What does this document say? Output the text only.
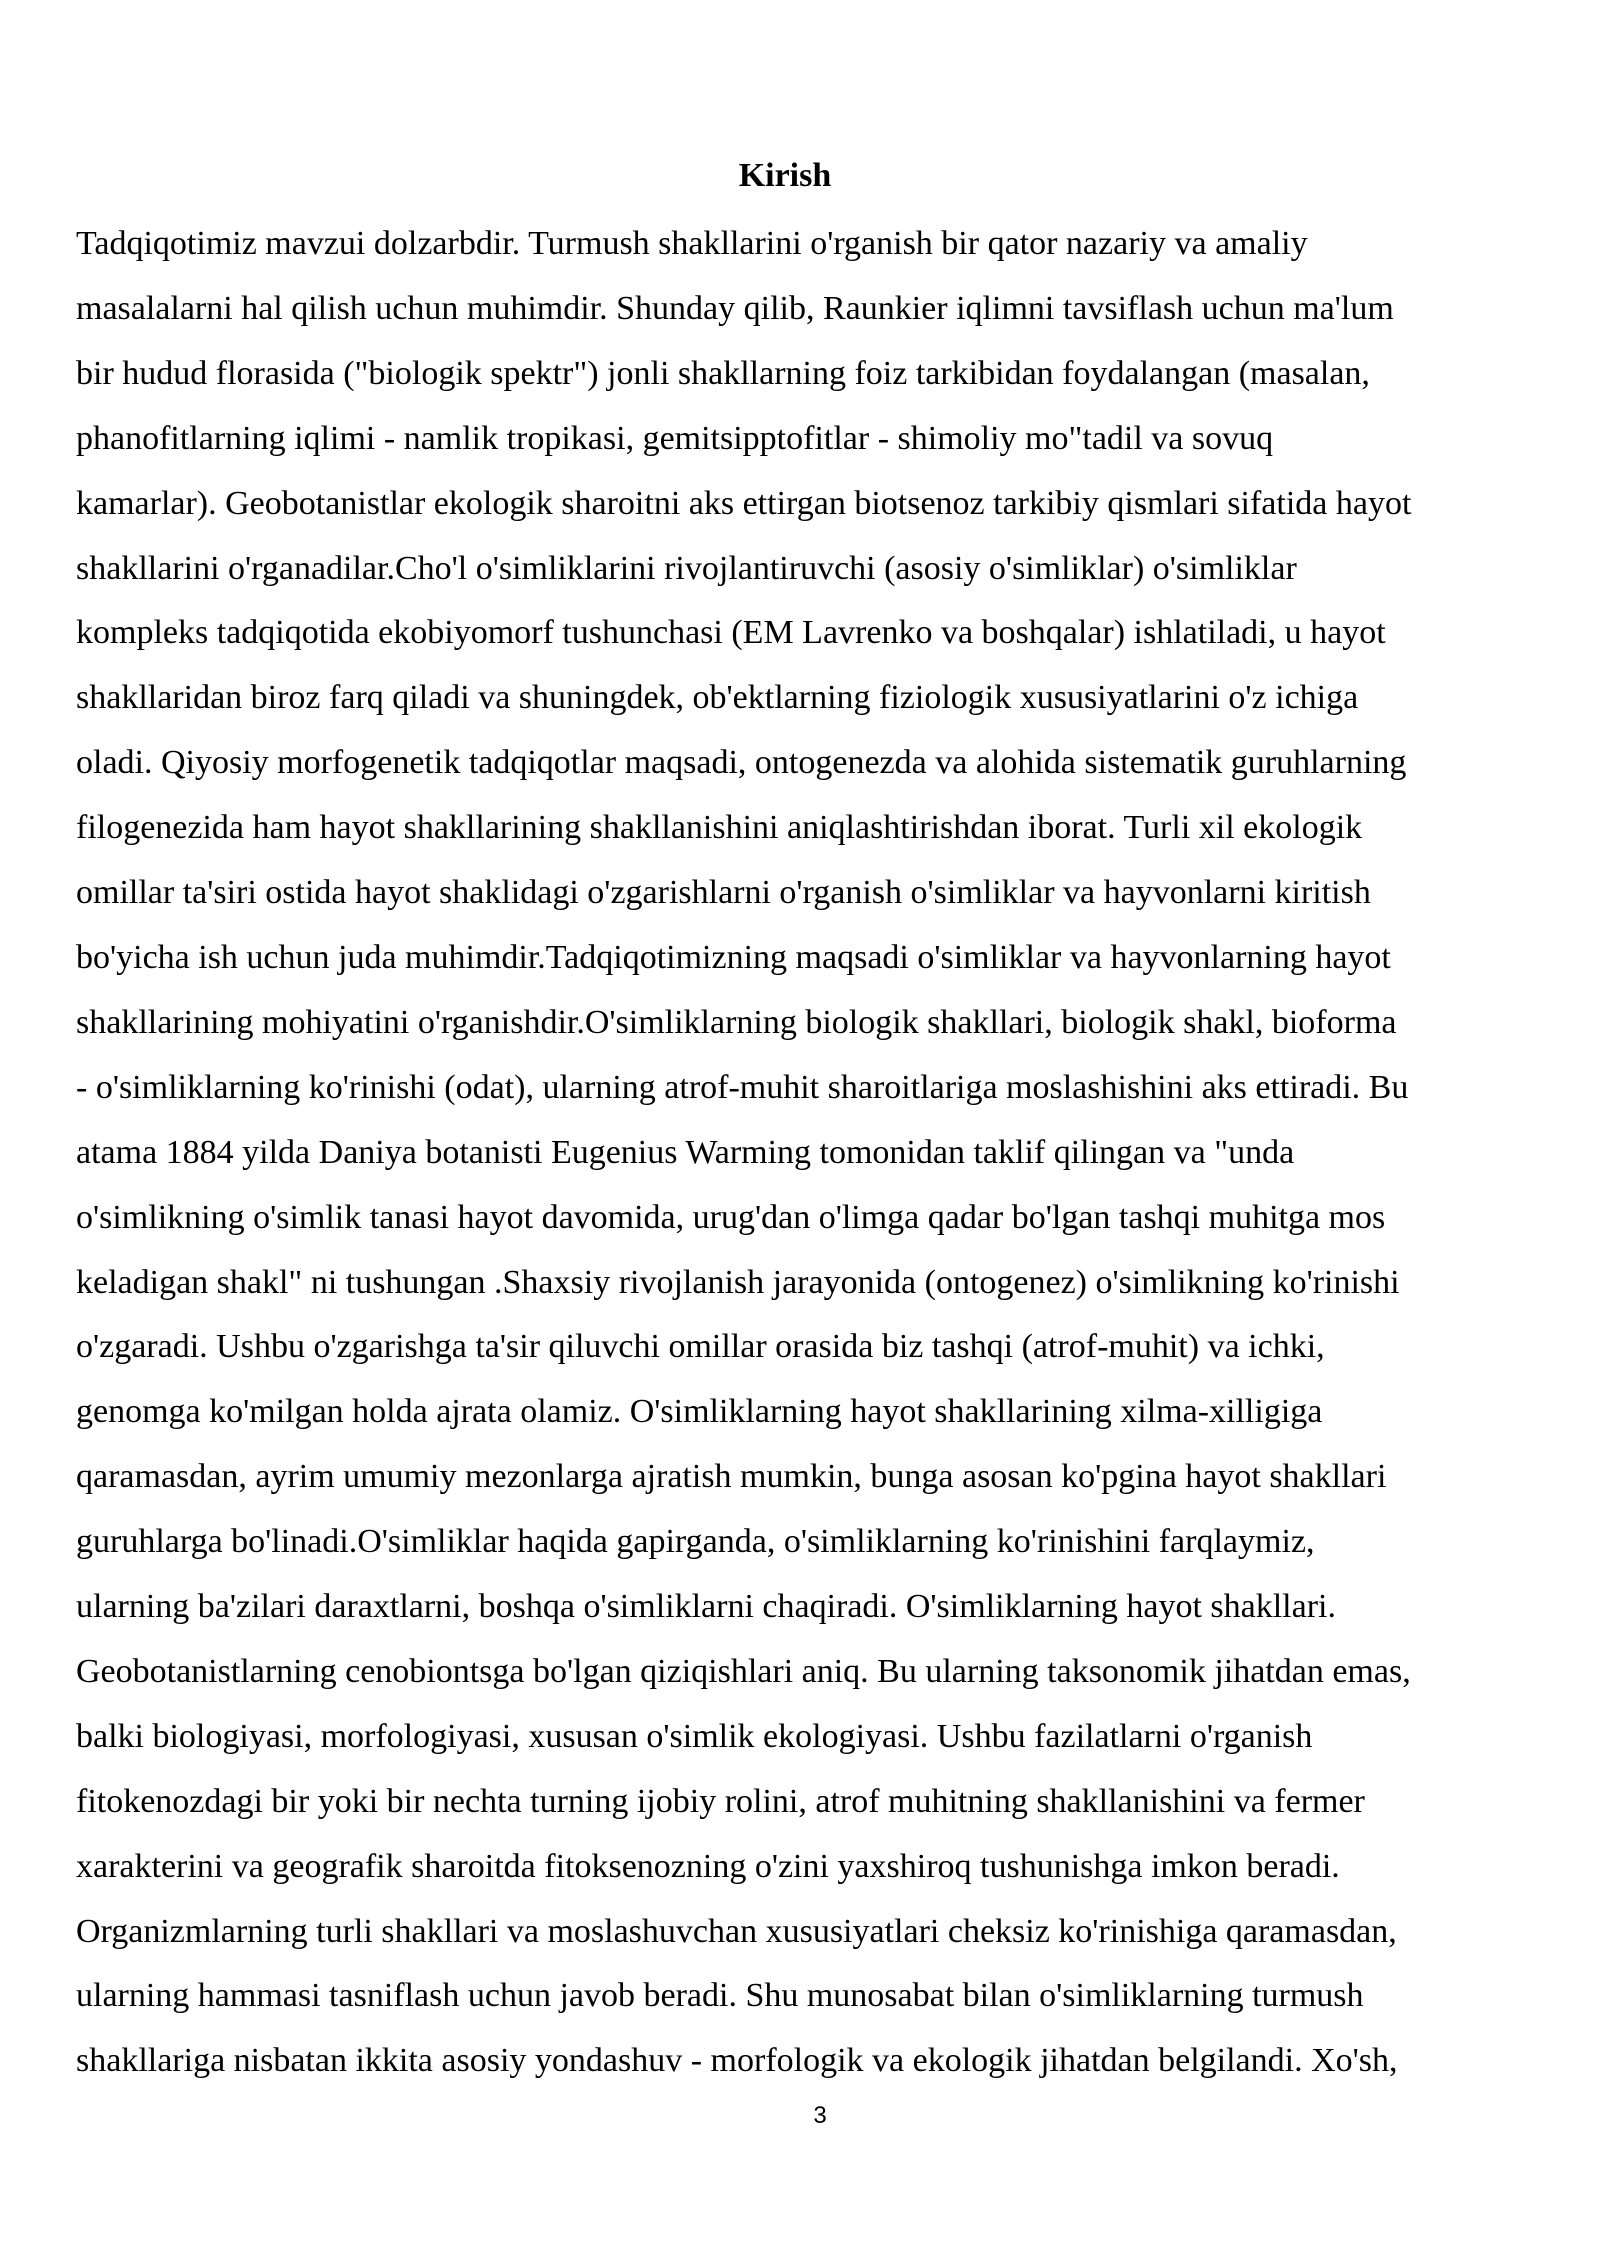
Kirish
Tadqiqotimiz mavzui dolzarbdir. Turmush shakllarini o'rganish bir qator nazariy va amaliy
masalalarni hal qilish uchun muhimdir. Shunday qilib, Raunkier iqlimni tavsiflash uchun ma'lum
bir hudud florasida ("biologik spektr") jonli shakllarning foiz tarkibidan foydalangan (masalan,
phanofitlarning iqlimi - namlik tropikasi, gemitsipptofitlar - shimoliy mo"tadil va sovuq
kamarlar). Geobotanistlar ekologik sharoitni aks ettirgan biotsenoz tarkibiy qismlari sifatida hayot
shakllarini o'rganadilar.Cho'l o'simliklarini rivojlantiruvchi (asosiy o'simliklar) o'simliklar
kompleks tadqiqotida ekobiyomorf tushunchasi (EM Lavrenko va boshqalar) ishlatiladi, u hayot
shakllaridan biroz farq qiladi va shuningdek, ob'ektlarning fiziologik xususiyatlarini o'z ichiga
oladi. Qiyosiy morfogenetik tadqiqotlar maqsadi, ontogenezda va alohida sistematik guruhlarning
filogenezida ham hayot shakllarining shakllanishini aniqlashtirishdan iborat. Turli xil ekologik
omillar ta'siri ostida hayot shaklidagi o'zgarishlarni o'rganish o'simliklar va hayvonlarni kiritish
bo'yicha ish uchun juda muhimdir.Tadqiqotimizning maqsadi o'simliklar va hayvonlarning hayot
shakllarining mohiyatini o'rganishdir.O'simliklarning biologik shakllari, biologik shakl, bioforma
- o'simliklarning ko'rinishi (odat), ularning atrof-muhit sharoitlariga moslashishini aks ettiradi. Bu
atama 1884 yilda Daniya botanisti Eugenius Warming tomonidan taklif qilingan va "unda
o'simlikning o'simlik tanasi hayot davomida, urug'dan o'limga qadar bo'lgan tashqi muhitga mos
keladigan shakl" ni tushungan .Shaxsiy rivojlanish jarayonida (ontogenez) o'simlikning ko'rinishi
o'zgaradi. Ushbu o'zgarishga ta'sir qiluvchi omillar orasida biz tashqi (atrof-muhit) va ichki,
genomga ko'milgan holda ajrata olamiz. O'simliklarning hayot shakllarining xilma-xilligiga
qaramasdan, ayrim umumiy mezonlarga ajratish mumkin, bunga asosan ko'pgina hayot shakllari
guruhlarga bo'linadi.O'simliklar haqida gapirganda, o'simliklarning ko'rinishini farqlaymiz,
ularning ba'zilari daraxtlarni, boshqa o'simliklarni chaqiradi. O'simliklarning hayot shakllari.
Geobotanistlarning cenobiontsga bo'lgan qiziqishlari aniq. Bu ularning taksonomik jihatdan emas,
balki biologiyasi, morfologiyasi, xususan o'simlik ekologiyasi. Ushbu fazilatlarni o'rganish
fitokenozdagi bir yoki bir nechta turning ijobiy rolini, atrof muhitning shakllanishini va fermer
xarakterini va geografik sharoitda fitoksenozning o'zini yaxshiroq tushunishga imkon beradi.
Organizmlarning turli shakllari va moslashuvchan xususiyatlari cheksiz ko'rinishiga qaramasdan,
ularning hammasi tasniflash uchun javob beradi. Shu munosabat bilan o'simliklarning turmush
shakllariga nisbatan ikkita asosiy yondashuv - morfologik va ekologik jihatdan belgilandi. Xo'sh,
3
